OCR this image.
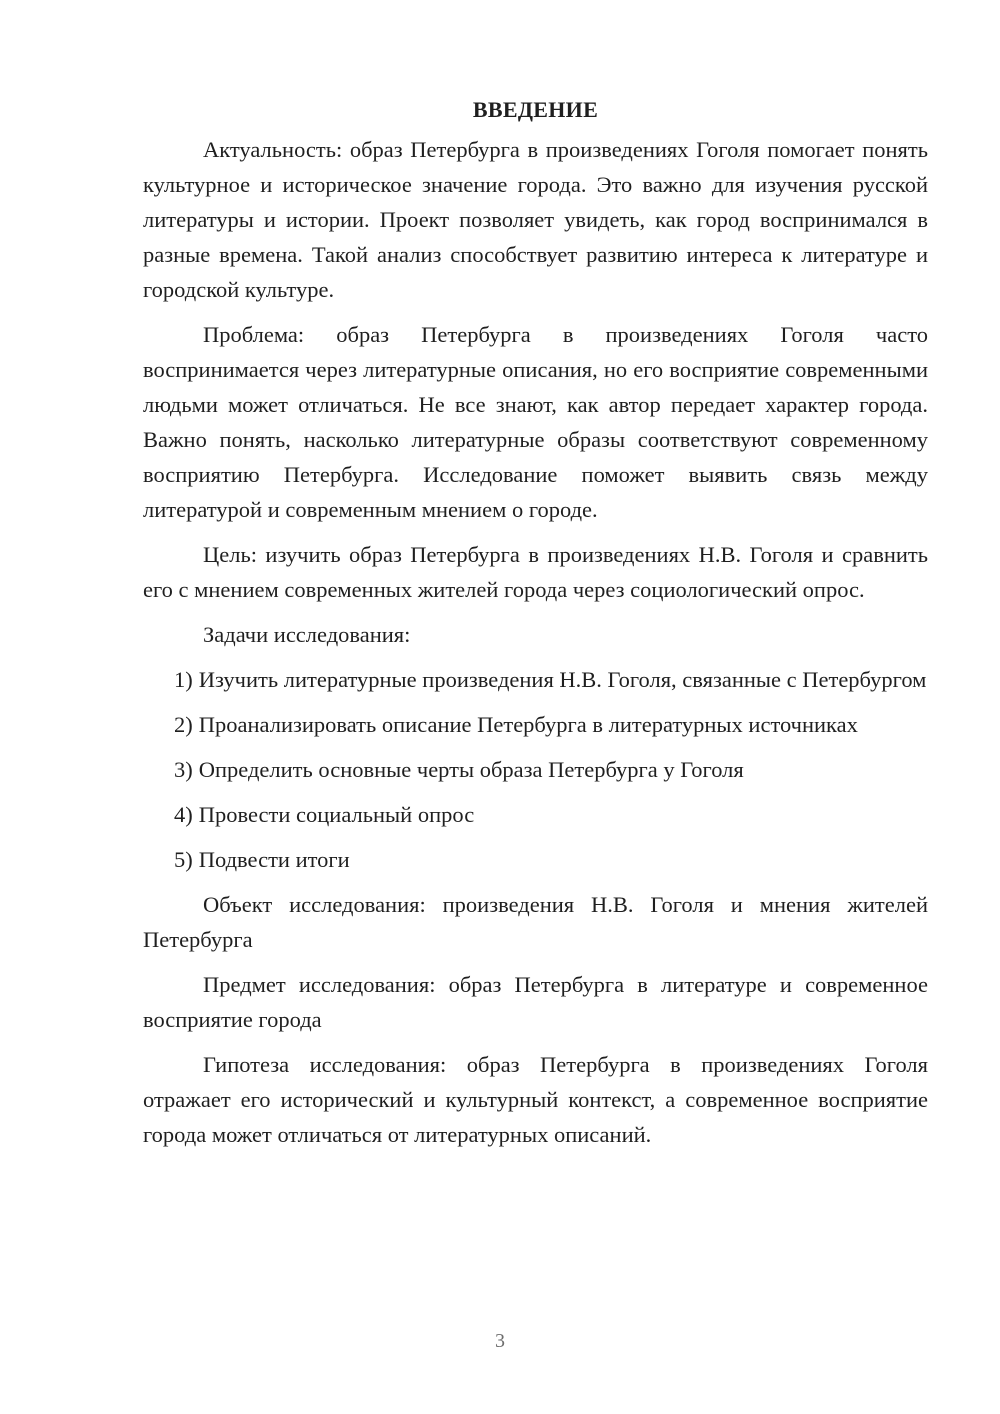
ВВЕДЕНИЕ

Актуальность: образ Петербурга в произведениях Гоголя помогает понять культурное и историческое значение города. Это важно для изучения русской литературы и истории. Проект позволяет увидеть, как город воспринимался в разные времена. Такой анализ способствует развитию интереса к литературе и городской культуре.

Проблема: образ Петербурга в произведениях Гоголя часто воспринимается через литературные описания, но его восприятие современными людьми может отличаться. Не все знают, как автор передает характер города. Важно понять, насколько литературные образы соответствуют современному восприятию Петербурга. Исследование поможет выявить связь между литературой и современным мнением о городе.

Цель: изучить образ Петербурга в произведениях Н.В. Гоголя и сравнить его с мнением современных жителей города через социологический опрос.

Задачи исследования:

1) Изучить литературные произведения Н.В. Гоголя, связанные с Петербургом

2) Проанализировать описание Петербурга в литературных источниках

3) Определить основные черты образа Петербурга у Гоголя

4) Провести социальный опрос

5) Подвести итоги

Объект исследования: произведения Н.В. Гоголя и мнения жителей Петербурга

Предмет исследования: образ Петербурга в литературе и современное восприятие города

Гипотеза исследования: образ Петербурга в произведениях Гоголя отражает его исторический и культурный контекст, а современное восприятие города может отличаться от литературных описаний.

3
